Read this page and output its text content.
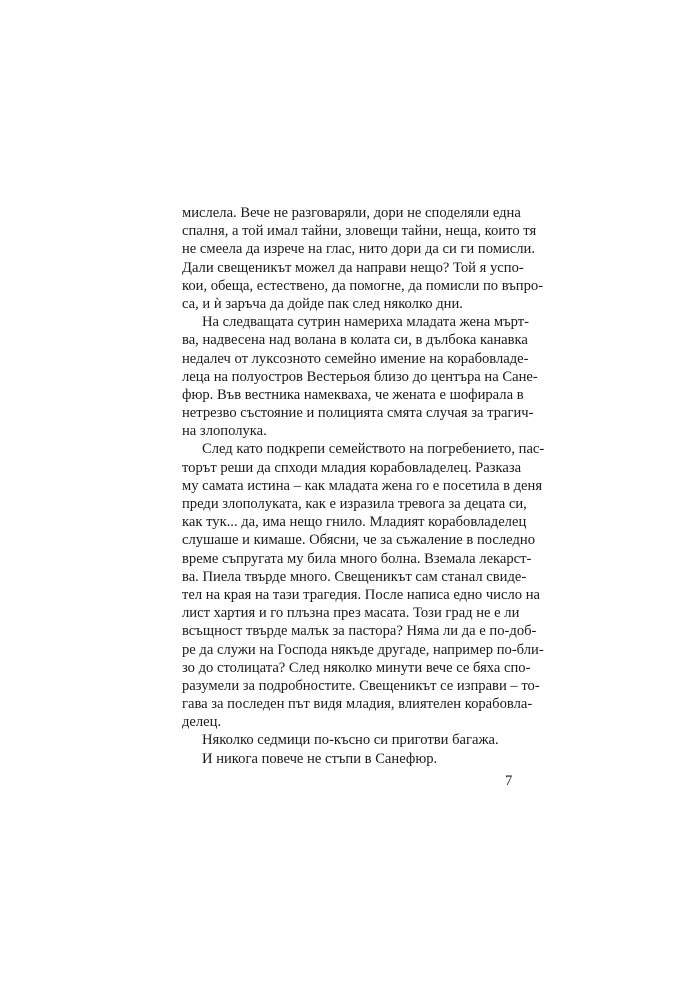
мислела. Вече не разговаряли, дори не споделяли една
спалня, а той имал тайни, зловещи тайни, неща, които тя
не смеела да изрече на глас, нито дори да си ги помисли.
Дали свещеникът можел да направи нещо? Той я успо-
кои, обеща, естествено, да помогне, да помисли по въпро-
са, и ѝ заръча да дойде пак след няколко дни.
На следващата сутрин намериха младата жена мърт-
ва, надвесена над волана в колата си, в дълбока канавка
недалеч от луксозното семейно имение на корабовладе-
леца на полуостров Вестерьоя близо до центъра на Сане-
фюр. Във вестника намекваха, че жената е шофирала в
нетрезво състояние и полицията смята случая за трагич-
на злополука.
След като подкрепи семейството на погребението, пас-
торът реши да спходи младия корабовладелец. Разказа
му самата истина – как младата жена го е посетила в деня
преди злополуката, как е изразила тревога за децата си,
как тук... да, има нещо гнило. Младият корабовладелец
слушаше и кимаше. Обясни, че за съжаление в последно
време съпругата му била много болна. Вземала лекарст-
ва. Пиела твърде много. Свещеникът сам станал свиде-
тел на края на тази трагедия. После написа едно число на
лист хартия и го плъзна през масата. Този град не е ли
всъщност твърде малък за пастора? Няма ли да е по-доб-
ре да служи на Господа някъде другаде, например по-бли-
зо до столицата? След няколко минути вече се бяха спо-
разумели за подробностите. Свещеникът се изправи – то-
гава за последен път видя младия, влиятелен корабовла-
делец.
Няколко седмици по-късно си приготви багажа.
И никога повече не стъпи в Санефюр.
7
